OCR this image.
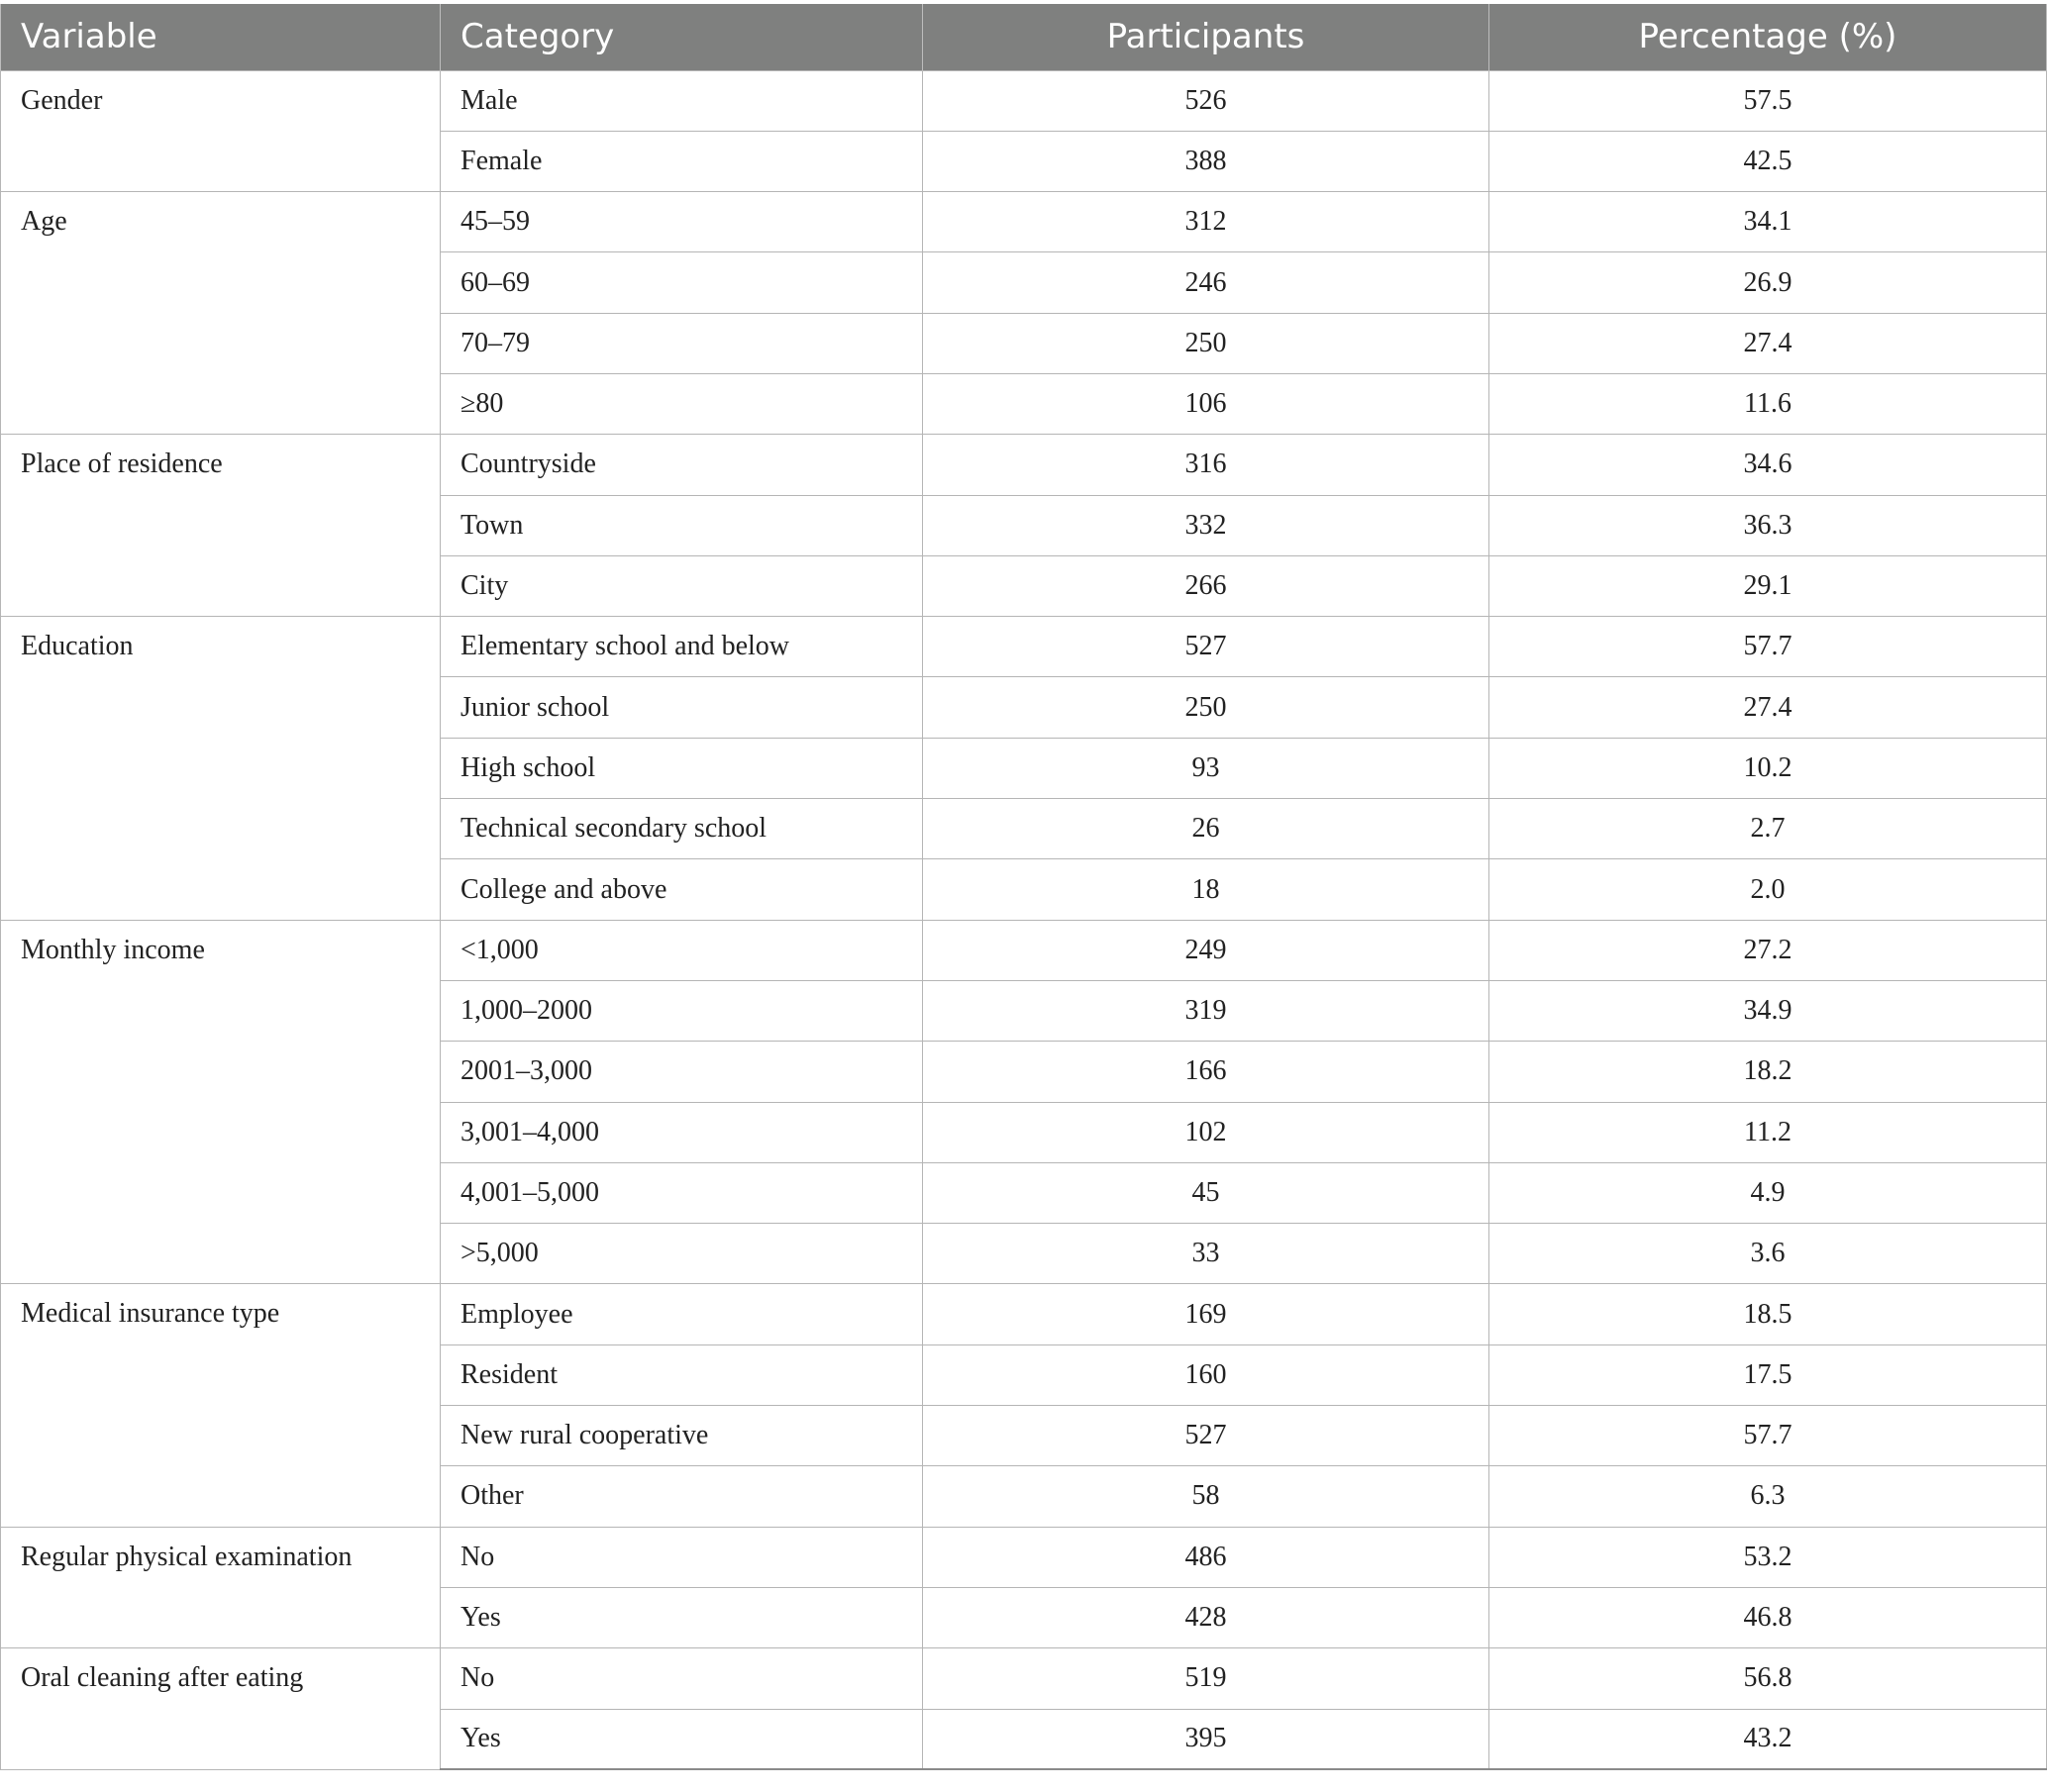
Variable	Category	Participants	Percentage (%)
Gender	Male	526	57.5
	Female	388	42.5
Age	45–59	312	34.1
	60–69	246	26.9
	70–79	250	27.4
	≥80	106	11.6
Place of residence	Countryside	316	34.6
	Town	332	36.3
	City	266	29.1
Education	Elementary school and below	527	57.7
	Junior school	250	27.4
	High school	93	10.2
	Technical secondary school	26	2.7
	College and above	18	2.0
Monthly income	<1,000	249	27.2
	1,000–2000	319	34.9
	2001–3,000	166	18.2
	3,001–4,000	102	11.2
	4,001–5,000	45	4.9
	>5,000	33	3.6
Medical insurance type	Employee	169	18.5
	Resident	160	17.5
	New rural cooperative	527	57.7
	Other	58	6.3
Regular physical examination	No	486	53.2
	Yes	428	46.8
Oral cleaning after eating	No	519	56.8
	Yes	395	43.2
